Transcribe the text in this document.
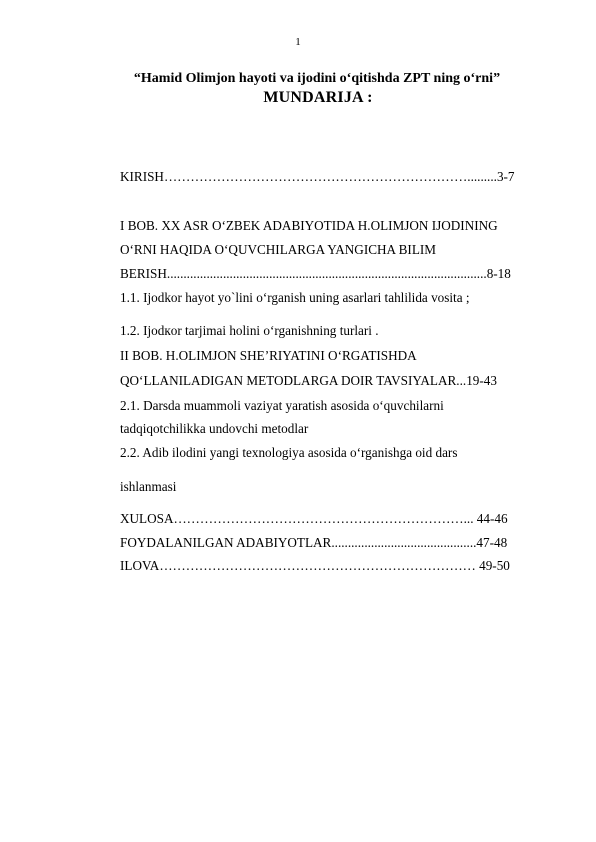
1
“Hamid Olimjon hayoti va ijodini o‘qitishda ZPT ning o‘rni”
MUNDARIJA :
KIRISH…………………………………………………………….........3-7
I BOB. XX ASR O‘ZBEK ADABIYOTIDA H.OLIMJON IJODINING
O‘RNI HAQIDA O‘QUVCHILARGA YANGICHA BILIM
BERISH.................................................................................................8-18
1.1. Ijodkor hayot yo`lini o‘rganish uning asarlari tahlilida vosita ;
1.2. Ijodкor tarjimai holini o‘rganishning turlari .
II BOB. H.OLIMJON SHE’RIYATINI O‘RGATISHDA
QO‘LLANILADIGAN METODLARGA DOIR TAVSIYALAR...19-43
2.1. Darsda muammoli vaziyat yaratish asosida o‘quvchilarni
tadqiqotchilikka undovchi metodlar
2.2. Adib ilodini yangi texnologiya asosida o‘rganishga oid dars
ishlanmasi
XULOSA…………………………………………………………... 44-46
FOYDALANILGAN ADABIYOTLAR............................................47-48
ILOVA……………………………………………………………… 49-50
